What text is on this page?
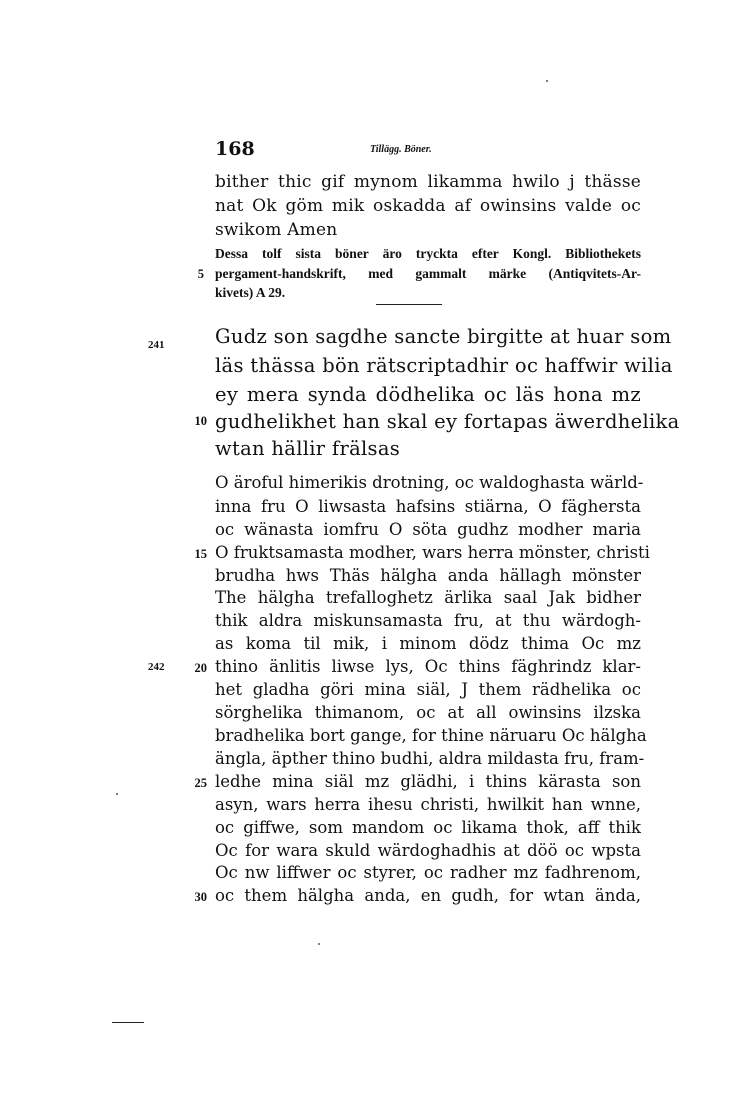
168	Tillägg. Böner.
bither thic gif mynom likamma hwilo j thässe
nat Ok göm mik oskadda af owinsins valde oc
swikom Amen
Dessa tolf sista böner äro tryckta efter Kongl. Bibliothekets
pergament-handskrift, med gammalt märke (Antiqvitets-Ar-
kivets) A 29.
5
241	Gudz son sagdhe sancte birgitte at huar som
läs thässa bön rätscriptadhir oc haffwir wilia
ey mera synda dödhelika oc läs hona mz
gudhelikhet han skal ey fortapas äwerdhelika
wtan hällir frälsas
10
O äroful himerikis drotning, oc waldoghasta wärld-
inna fru O liwsasta hafsins stiärna, O fäghersta
oc wänasta iomfru O söta gudhz modher maria
O fruktsamasta modher, wars herra mönster, christi
brudha hws Thäs hälgha anda hällagh mönster
The hälgha trefalloghetz ärlika saal Jak bidher
thik aldra miskunsamasta fru, at thu wärdogh-
as koma til mik, i minom dödz thima Oc mz
thino änlitis liwse lys, Oc thins fäghrindz klar-
het gladha göri mina siäl, J them rädhelika oc
sörghelika thimanom, oc at all owinsins ilzska
bradhelika bort gange, for thine näruaru Oc hälgha
ängla, äpther thino budhi, aldra mildasta fru, fram-
ledhe mina siäl mz glädhi, i thins kärasta son
asyn, wars herra ihesu christi, hwilkit han wnne,
oc giffwe, som mandom oc likama thok, aff thik
Oc for wara skuld wärdoghadhis at döö oc wpsta
Oc nw liffwer oc styrer, oc radher mz fadhrenom,
oc them hälgha anda, en gudh, for wtan ända,
15
242	20
25
30
